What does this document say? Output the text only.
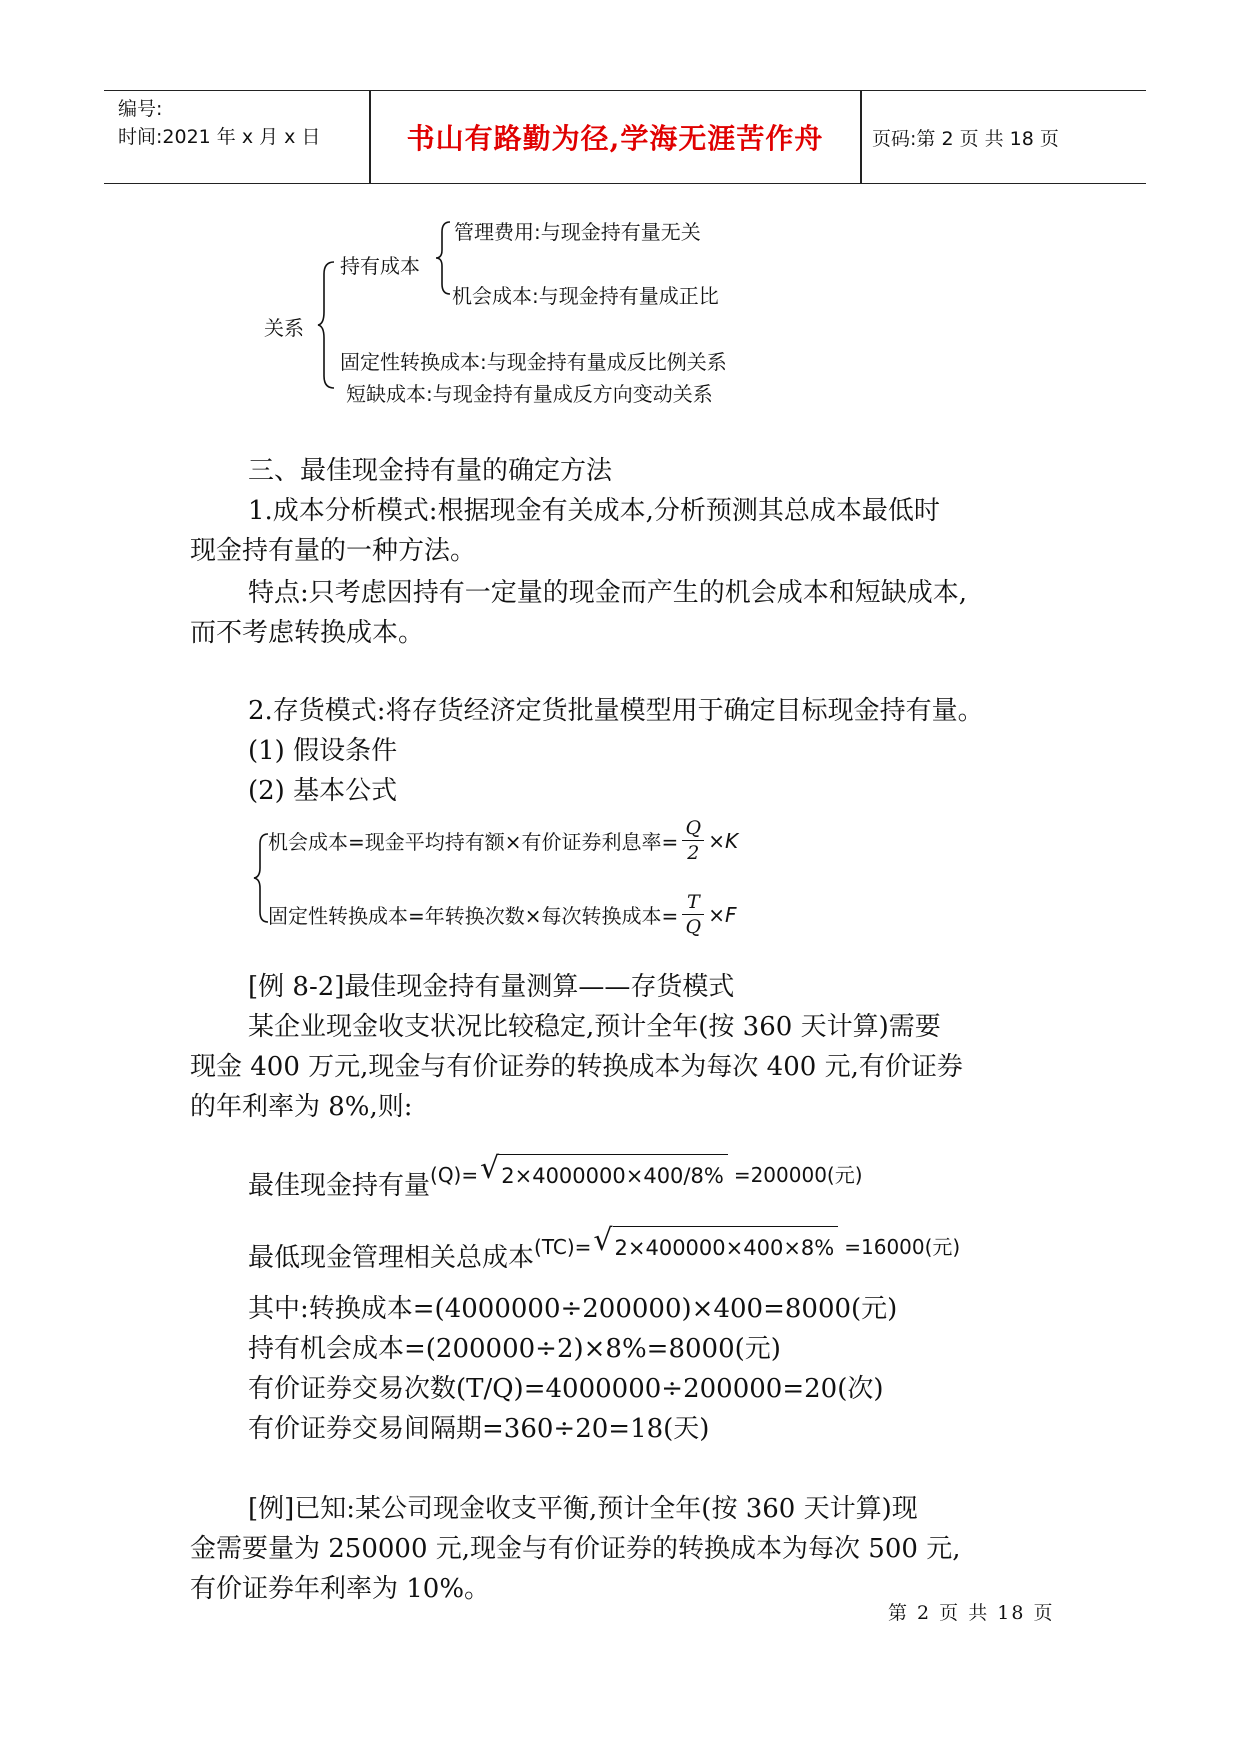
编号:
时间:2021 年 x 月 x 日	书山有路勤为径,学海无涯苦作舟	页码:第 2 页 共 18 页
关系
持有成本
管理费用:与现金持有量无关
机会成本:与现金持有量成正比
固定性转换成本:与现金持有量成反比例关系
短缺成本:与现金持有量成反方向变动关系
三、最佳现金持有量的确定方法
1.成本分析模式:根据现金有关成本,分析预测其总成本最低时
现金持有量的一种方法。
特点:只考虑因持有一定量的现金而产生的机会成本和短缺成本,
而不考虑转换成本。
2.存货模式:将存货经济定货批量模型用于确定目标现金持有量。
(1) 假设条件
(2) 基本公式
机会成本=现金平均持有额×有价证券利息率= $\frac{Q}{2} \times K$
固定性转换成本=年转换次数×每次转换成本= $\frac{T}{Q} \times F$
[例 8-2]最佳现金持有量测算——存货模式
某企业现金收支状况比较稳定,预计全年(按 360 天计算)需要
现金 400 万元,现金与有价证券的转换成本为每次 400 元,有价证券
的年利率为 8%,则:
最佳现金持有量 (Q)= √ 2×4000000×400/8% =200000(元)
最低现金管理相关总成本 (TC)= √ 2×400000×400×8% =16000(元)
其中:转换成本=(4000000÷200000)×400=8000(元)
持有机会成本=(200000÷2)×8%=8000(元)
有价证券交易次数(T/Q)=4000000÷200000=20(次)
有价证券交易间隔期=360÷20=18(天)
[例]已知:某公司现金收支平衡,预计全年(按 360 天计算)现
金需要量为 250000 元,现金与有价证券的转换成本为每次 500 元,
有价证券年利率为 10%。
第 2 页 共 18 页
